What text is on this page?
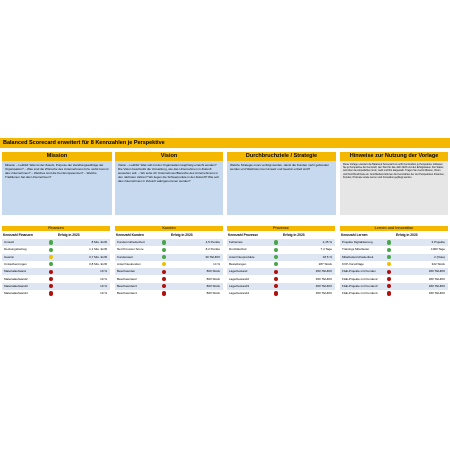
Balanced Scorecard erweitert für 8 Kennzahlen je Perspektive
Mission
Mission – Leitbild: Was ist der Zweck, Purpose der Handlungsaufträge der Organisation? – Was sind die Wünsche des Unternehmens bzw. wofür kommt das Unternehmen? – Welches sind die Kernkompetenzen? – Welche Traditionen hat das Unternehmen?
Vision
Vision – Leitbild: Was soll mit der Organisation langfristig erreicht werden? Die Vision beschreibt die Vorstellung, wie das Unternehmen in Zukunft aussehen soll. – Wo sehe ich Unternehmen/Bereiche des Unternehmens in den nächsten Jahren? Wo liegen die Schwerpunkte in der Zukunft? Wie soll das Unternehmen in Zukunft wahrgenommen werden?
Durchbruchziele / Strategie
Welche Strategie muss verfolgt werden, damit die Kunden mehr gebunden werden und Wachstum bei Umsatz und Gewinn erzielt wird?
Hinweise zur Nutzung der Vorlage
Diese Vorlage erweitert die Balanced Scorecard um acht Kennzahlen je Perspektive. Erfassen Sie je Perspektive die Kennzahl, den Wert für das Jahr 2023 und den Erfolgsstatus. Der Status wird über die Ampelfarben Grün, Gelb und Rot dargestellt. Tragen Sie zuerst Mission, Vision und Durchbruchziele ein. Anschließend können die Kennzahlen der vier Perspektiven Finanzen, Kunden, Prozesse sowie Lernen und Innovation gepflegt werden.
Finanzen
Kennzahl Finanzen	Erfolg in 2023
Umsatz	8 Mio. EUR
Deckungsbeitrag	1,1 Mio. EUR
Gewinn	0,7 Mio. EUR
Umlaufvermögen	0,8 Mio. EUR
Materialaufwand	19 %
Materialaufwand2	19 %
Materialaufwand3	19 %
Materialaufwand4	19 %
Kunden
Kennzahl Kunden	Erfolg in 2023
Kundenzufriedenheit	4,5 Punkte
Net Promoter Score	8,2 Punkte
Kundenwert	39 TEURO
Anteil Neukunden	14 %
Beschwerden	800 Stück
Beschwerden2	800 Stück
Beschwerden3	800 Stück
Beschwerden4	800 Stück
Prozesse
Kennzahl Prozesse	Erfolg in 2023
Fehlerrate	2,45 %
Durchlaufzeit	7,4 Tage
Anteil Neuprodukte	18,5 %
Bestellungen	287 Stück
Lagerbestand	450 TEURO
Lagerbestand2	450 TEURO
Lagerbestand3	450 TEURO
Lagerbestand4	450 TEURO
Lernen und Innovation
Kennzahl Lernen	Erfolg in 2023
Projekte Digitalisierung	3 Projekte
Trainings Mitarbeiter	1000 Tage
Mitarbeiterzufriedenheit	2 (Note)
KVP-Vorschläge	322 Stück
F&E-Projekte mit Kunden	180 TEURO
F&E-Projekte mit Kunden2	180 TEURO
F&E-Projekte mit Kunden3	180 TEURO
F&E-Projekte mit Kunden4	180 TEURO
